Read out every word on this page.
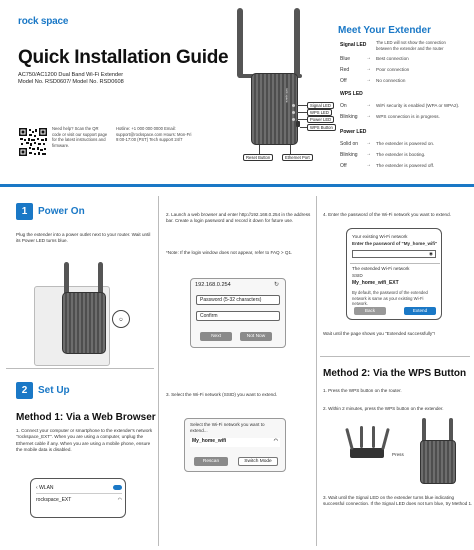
rock space
Quick Installation Guide
AC750/AC1200 Dual Band Wi-Fi Extender
Model No. RSD0607/ Model No. RSD0608
Need help? Scan the QR code or visit our support page for the latest instructions and firmware.
Hotline: +1 000 000 0000 Email: support@rockspace.com Hours: Mon-Fri 9:00-17:00 (PST) Tech support 24/7
rock space
Signal LED
WPS LED
Power LED
WPS Button
Reset Button	Ethernet Port
Meet Your Extender
Signal LED The LED will not show the connection between the extender and the router
Blue	→ Best connection
Red	→ Poor connection
Off	→ No connection
WPS LED
On	→ WiFi security is enabled (WPA or WPA2).
Blinking → WPS connection is in progress.
Power LED
Solid on → The extender is powered on.
Blinking → The extender is booting.
Off	→ The extender is powered off.
1	Power On
Plug the extender into a power outlet next to your router. Wait until its Power LED turns blue.
⏻
2	Set Up
Method 1: Via a Web Browser
1. Connect your computer or smartphone to the extender's network "rockspace_EXT". When you are using a computer, unplug the Ethernet cable if any. When you are using a mobile phone, ensure the mobile data is disabled.
‹ WLAN
rockspace_EXT	◠
2. Launch a web browser and enter http://192.168.0.254 in the address bar. Create a login password and record it down for future use.
*Note: If the login window does not appear, refer to FAQ > Q1.
192.168.0.254	↻
Password (5-32 characters)
Confirm
Next	Not Now
3. Select the Wi-Fi network (SSID) you want to extend.
Select the Wi-Fi network you want to extend...
My_home_wifi	◠
Rescan	Switch Mode
4. Enter the password of the Wi-Fi network you want to extend.
Your existing Wi-Fi network
Enter the password of "My_home_wifi"
◉
The extended Wi-Fi network
SSID
My_home_wifi_EXT
By default, the password of the extended network is same as your existing Wi-Fi network.
Back	Extend
Wait until the page shows you "Extended successfully"!
Method 2: Via the WPS Button
1. Press the WPS button on the router.
2. Within 2 minutes, press the WPS button on the extender.
Press
3. Wait until the Signal LED on the extender turns blue indicating successful connection. If the Signal LED does not turn blue, try Method 1.
